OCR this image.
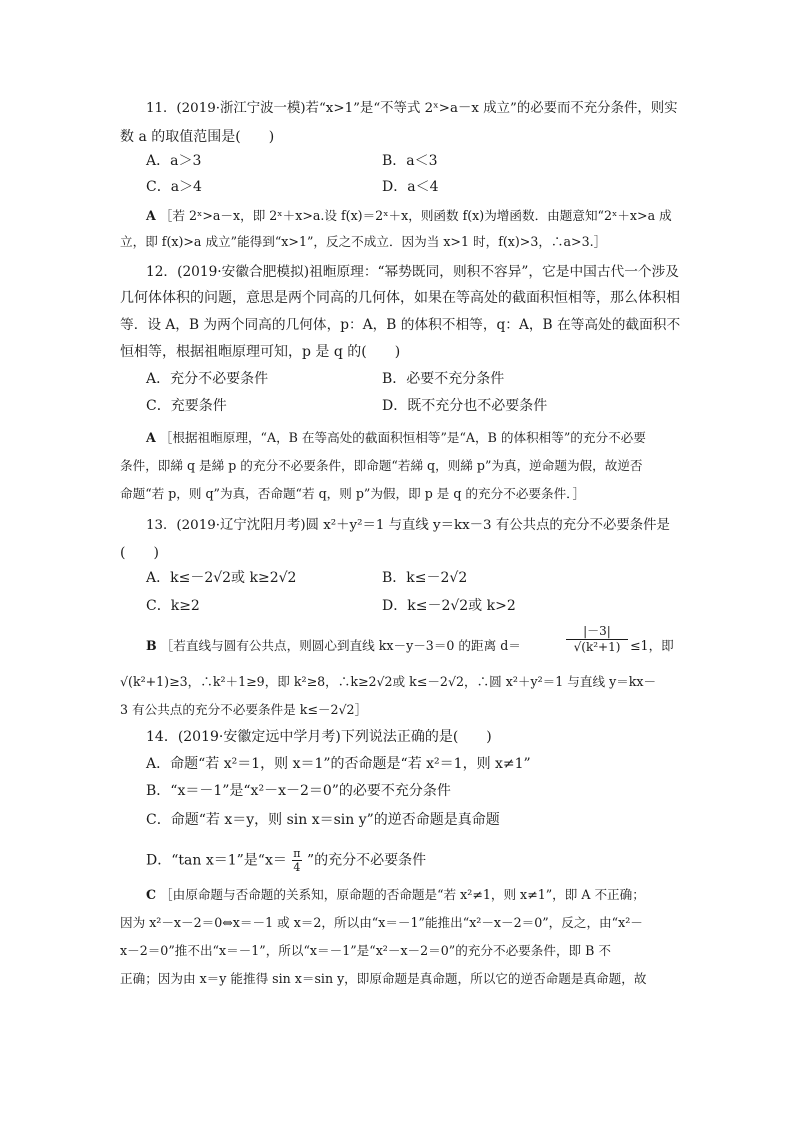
11．(2019·浙江宁波一模)若“x>1”是“不等式 2ˣ>a－x 成立”的必要而不充分条件，则实
数 a 的取值范围是(　　)
A．a＞3	B．a＜3
C．a＞4	D．a＜4
A ［若 2ˣ>a－x，即 2ˣ＋x>a.设 f(x)＝2ˣ＋x，则函数 f(x)为增函数．由题意知“2ˣ＋x>a 成
立，即 f(x)>a 成立”能得到“x>1”，反之不成立．因为当 x>1 时，f(x)>3，∴a>3.］
12．(2019·安徽合肥模拟)祖暅原理：“幂势既同，则积不容异”，它是中国古代一个涉及
几何体体积的问题，意思是两个同高的几何体，如果在等高处的截面积恒相等，那么体积相
等．设 A，B 为两个同高的几何体，p：A，B 的体积不相等，q：A，B 在等高处的截面积不
恒相等，根据祖暅原理可知，p 是 q 的(　　)
A．充分不必要条件	B．必要不充分条件
C．充要条件	D．既不充分也不必要条件
A ［根据祖暅原理，“A，B 在等高处的截面积恒相等”是“A，B 的体积相等”的充分不必要
条件，即綈 q 是綈 p 的充分不必要条件，即命题“若綈 q，则綈 p”为真，逆命题为假，故逆否
命题“若 p，则 q”为真，否命题“若 q，则 p”为假，即 p 是 q 的充分不必要条件．］
13．(2019·辽宁沈阳月考)圆 x²＋y²＝1 与直线 y＝kx－3 有公共点的充分不必要条件是
(　　)
A．k≤－2√2或 k≥2√2	B．k≤－2√2
C．k≥2	D．k≤－2√2或 k>2
B ［若直线与圆有公共点，则圆心到直线 kx－y－3＝0 的距离 d＝	$\frac{|-3|}{\text{√(k²+1)}} \le 1$，即
√(k²+1)≥3，∴k²＋1≥9，即 k²≥8，∴k≥2√2或 k≤－2√2，∴圆 x²＋y²＝1 与直线 y＝kx－
3 有公共点的充分不必要条件是 k≤－2√2］
14．(2019·安徽定远中学月考)下列说法正确的是(　　)
A．命题“若 x²＝1，则 x＝1”的否命题是“若 x²＝1，则 x≠1”
B．“x＝－1”是“x²－x－2＝0”的必要不充分条件
C．命题“若 x＝y，则 sin x＝sin y”的逆否命题是真命题
D．“tan x＝1”是“$x= \frac{\pi}{4}$ ”的充分不必要条件
C ［由原命题与否命题的关系知，原命题的否命题是“若 x²≠1，则 x≠1”，即 A 不正确；
因为 x²－x－2＝0⇔x＝－1 或 x＝2，所以由“x＝－1”能推出“x²－x－2＝0”，反之，由“x²－
x－2＝0”推不出“x＝－1”，所以“x＝－1”是“x²－x－2＝0”的充分不必要条件，即 B 不
正确；因为由 x＝y 能推得 sin x＝sin y，即原命题是真命题，所以它的逆否命题是真命题，故
